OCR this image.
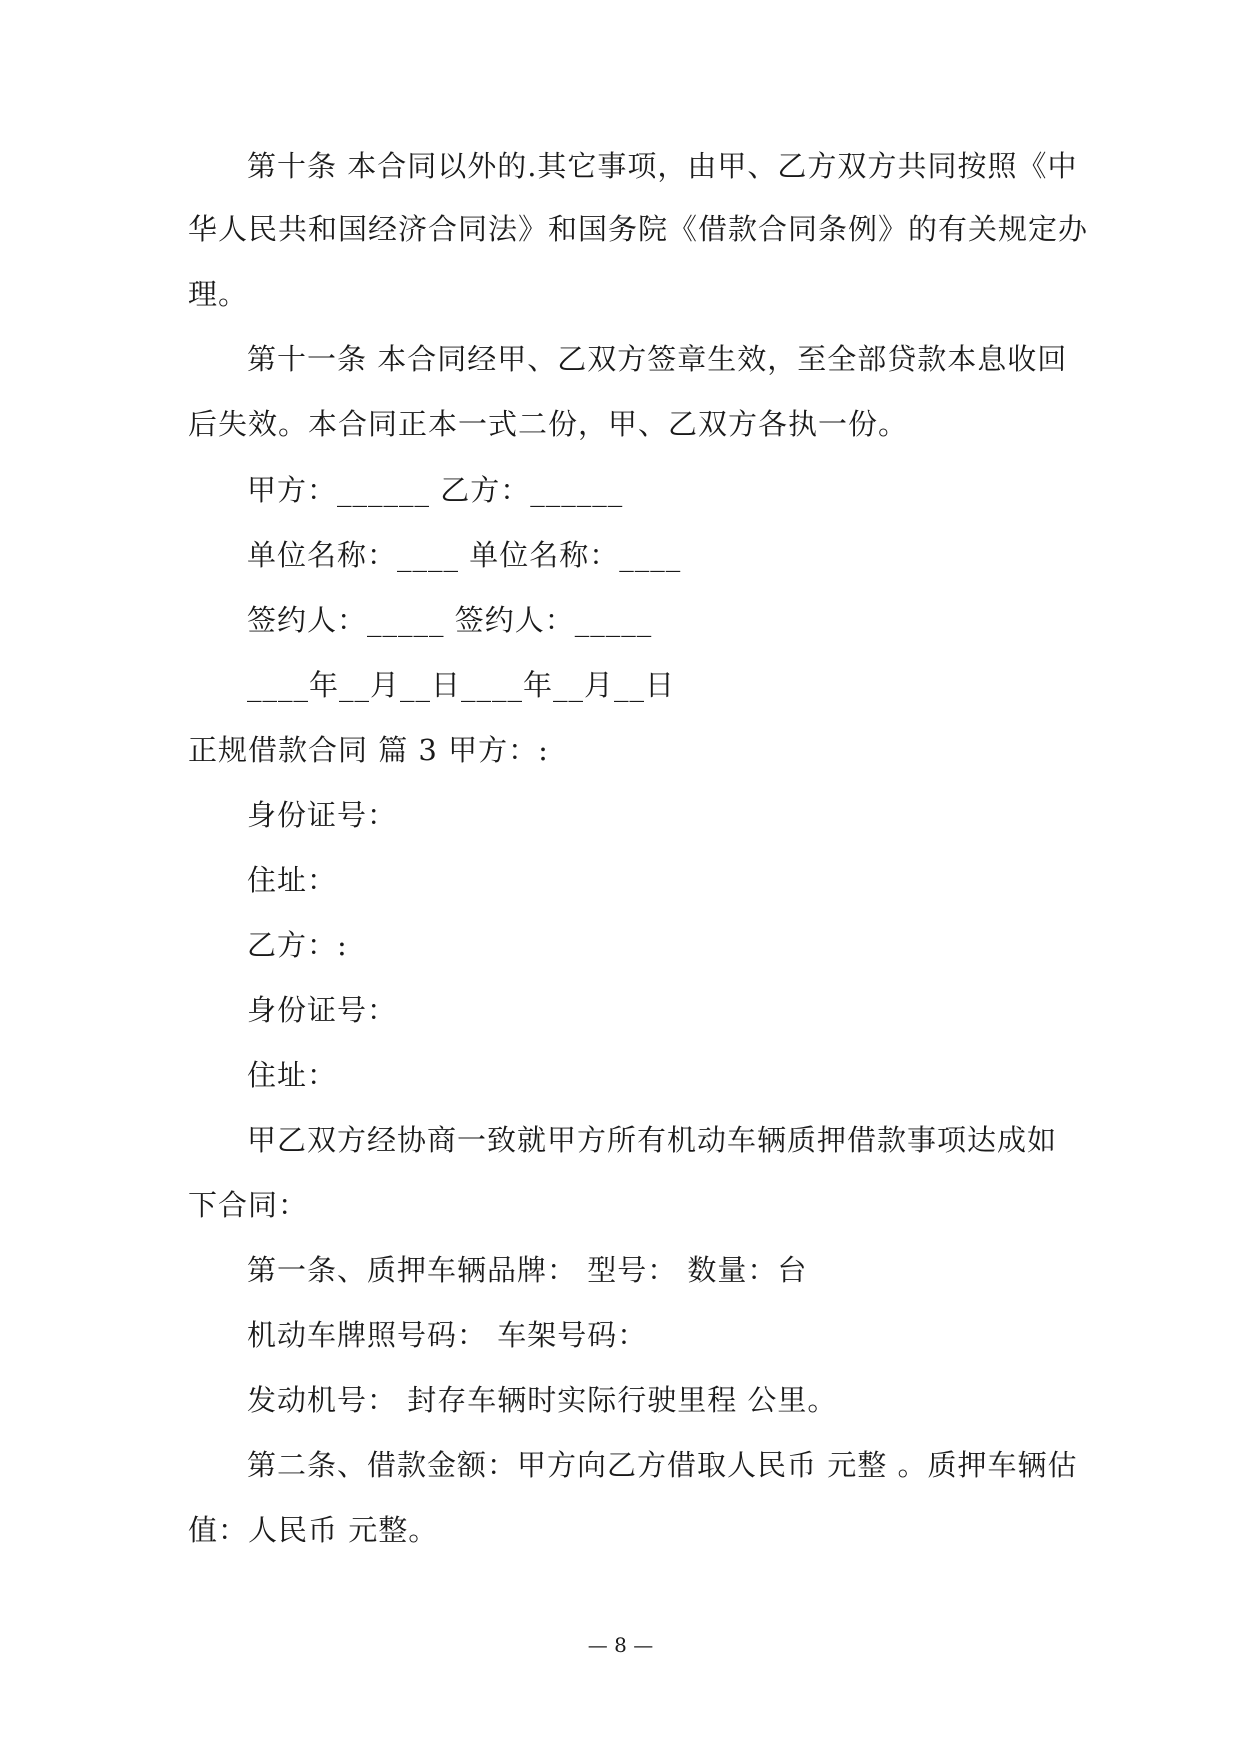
第十条 本合同以外的.其它事项，由甲、乙方双方共同按照《中
华人民共和国经济合同法》和国务院《借款合同条例》的有关规定办
理。
第十一条 本合同经甲、乙双方签章生效，至全部贷款本息收回
后失效。本合同正本一式二份，甲、乙双方各执一份。
甲方：______ 乙方：______
单位名称：____ 单位名称：____
签约人：_____ 签约人：_____
____年__月__日____年__月__日
正规借款合同 篇 3 甲方：:
身份证号：
住址：
乙方：:
身份证号：
住址：
甲乙双方经协商一致就甲方所有机动车辆质押借款事项达成如
下合同：
第一条、质押车辆品牌： 型号： 数量：台
机动车牌照号码： 车架号码：
发动机号： 封存车辆时实际行驶里程 公里。
第二条、借款金额：甲方向乙方借取人民币 元整 。质押车辆估
值：人民币 元整。
— 8 —
